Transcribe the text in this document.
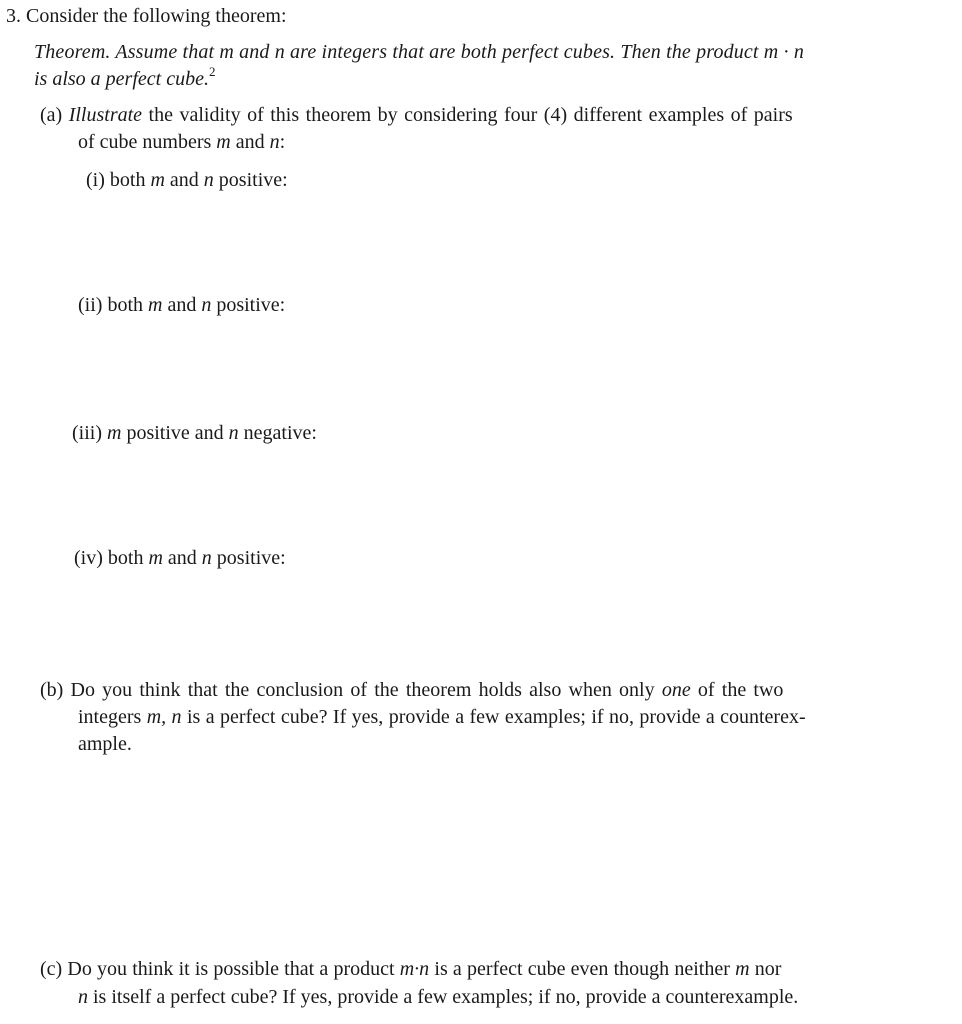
3. Consider the following theorem:
Theorem. Assume that m and n are integers that are both perfect cubes. Then the product m · n
is also a perfect cube.$^2$
(a) Illustrate the validity of this theorem by considering four (4) different examples of pairs
of cube numbers m and n:
(i) both m and n positive:
(ii) both m and n positive:
(iii) m positive and n negative:
(iv) both m and n positive:
(b) Do you think that the conclusion of the theorem holds also when only one of the two
integers m, n is a perfect cube? If yes, provide a few examples; if no, provide a counterex-
ample.
(c) Do you think it is possible that a product m·n is a perfect cube even though neither m nor
n is itself a perfect cube? If yes, provide a few examples; if no, provide a counterexample.
